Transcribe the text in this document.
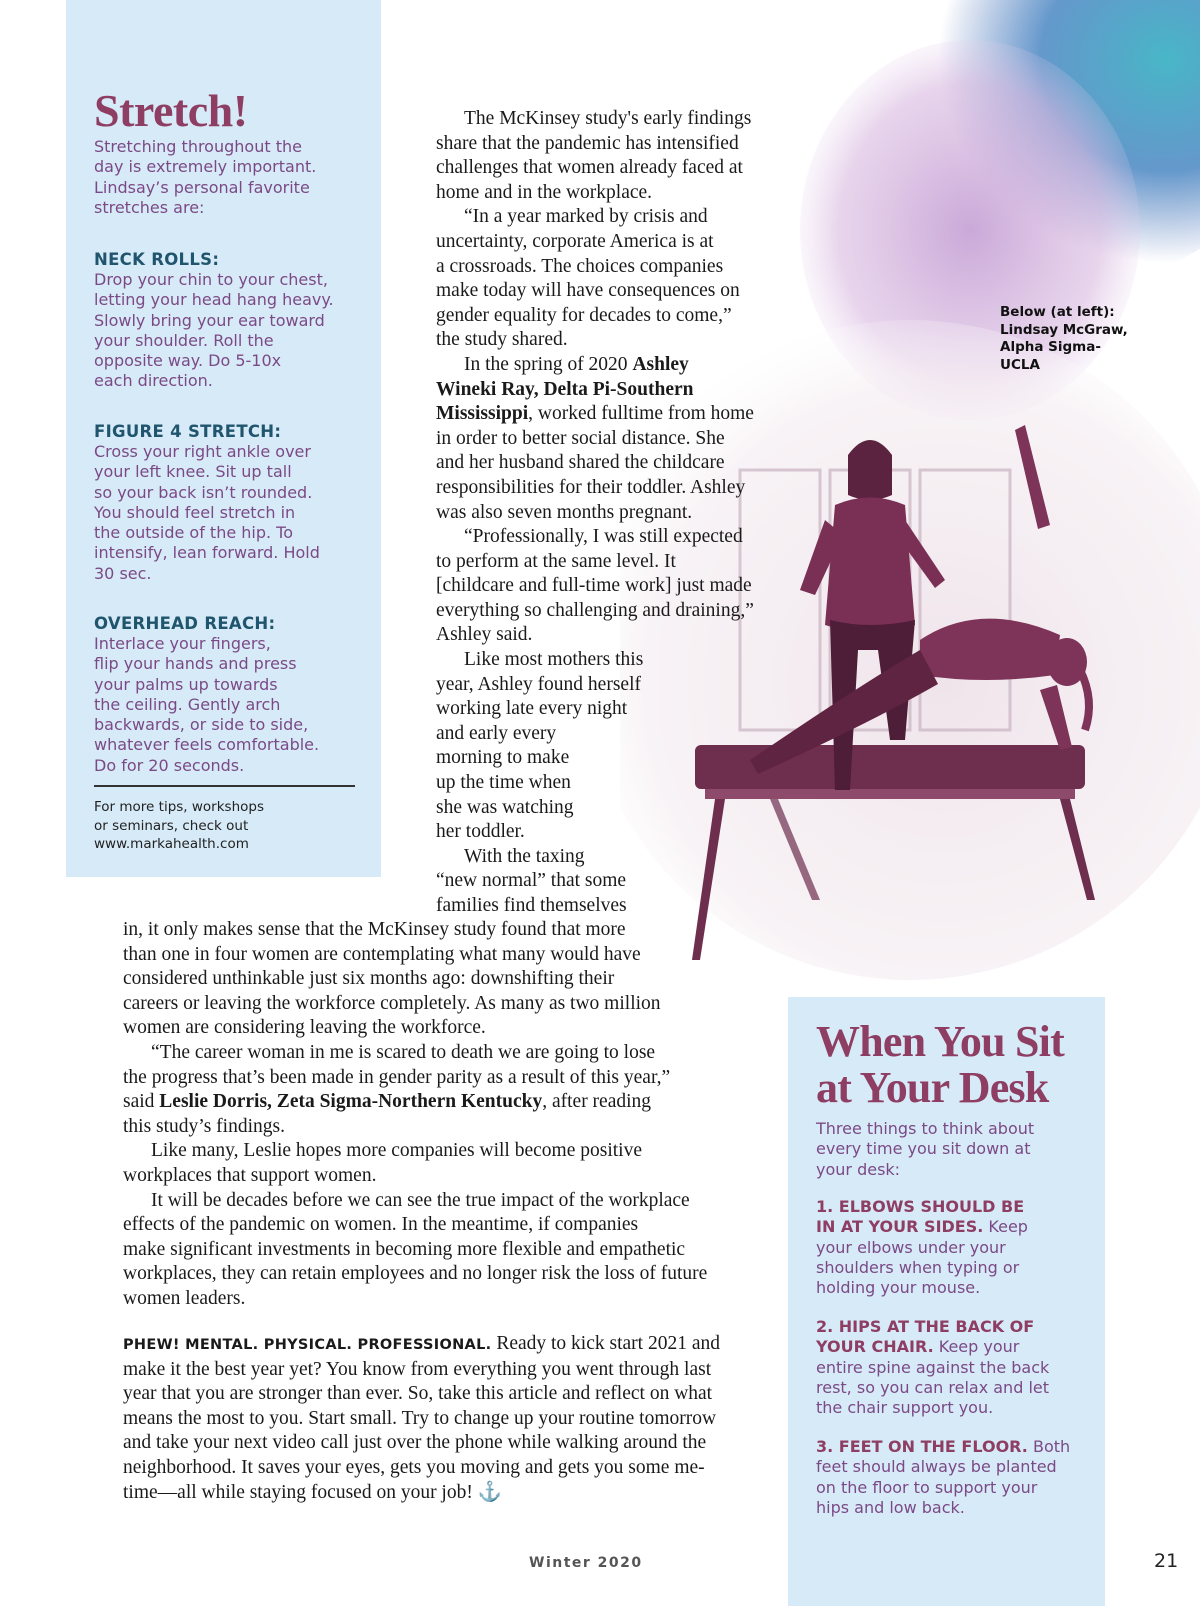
Stretch!
Stretching throughout the
day is extremely important.
Lindsay’s personal favorite
stretches are:
NECK ROLLS:
Drop your chin to your chest,
letting your head hang heavy.
Slowly bring your ear toward
your shoulder. Roll the
opposite way. Do 5-10x
each direction.
FIGURE 4 STRETCH:
Cross your right ankle over
your left knee. Sit up tall
so your back isn’t rounded.
You should feel stretch in
the outside of the hip. To
intensify, lean forward. Hold
30 sec.
OVERHEAD REACH:
Interlace your fingers,
flip your hands and press
your palms up towards
the ceiling. Gently arch
backwards, or side to side,
whatever feels comfortable.
Do for 20 seconds.
For more tips, workshops
or seminars, check out
www.markahealth.com
Below (at left):
Lindsay McGraw,
Alpha Sigma-
UCLA
The McKinsey study's early findings
share that the pandemic has intensified
challenges that women already faced at
home and in the workplace.
“In a year marked by crisis and
uncertainty, corporate America is at
a crossroads. The choices companies
make today will have consequences on
gender equality for decades to come,”
the study shared.
In the spring of 2020 Ashley
Wineki Ray, Delta Pi-Southern
Mississippi, worked fulltime from home
in order to better social distance. She
and her husband shared the childcare
responsibilities for their toddler. Ashley
was also seven months pregnant.
“Professionally, I was still expected
to perform at the same level. It
[childcare and full-time work] just made
everything so challenging and draining,”
Ashley said.
Like most mothers this
year, Ashley found herself
working late every night
and early every
morning to make
up the time when
she was watching
her toddler.
With the taxing
“new normal” that some
families find themselves
in, it only makes sense that the McKinsey study found that more
than one in four women are contemplating what many would have
considered unthinkable just six months ago: downshifting their
careers or leaving the workforce completely. As many as two million
women are considering leaving the workforce.
“The career woman in me is scared to death we are going to lose
the progress that’s been made in gender parity as a result of this year,”
said Leslie Dorris, Zeta Sigma-Northern Kentucky, after reading
this study’s findings.
Like many, Leslie hopes more companies will become positive
workplaces that support women.
It will be decades before we can see the true impact of the workplace
effects of the pandemic on women. In the meantime, if companies
make significant investments in becoming more flexible and empathetic
workplaces, they can retain employees and no longer risk the loss of future
women leaders.
PHEW! MENTAL. PHYSICAL. PROFESSIONAL. Ready to kick start 2021 and
make it the best year yet? You know from everything you went through last
year that you are stronger than ever. So, take this article and reflect on what
means the most to you. Start small. Try to change up your routine tomorrow
and take your next video call just over the phone while walking around the
neighborhood. It saves your eyes, gets you moving and gets you some me-
time—all while staying focused on your job! ⚓
When You Sit
at Your Desk
Three things to think about
every time you sit down at
your desk:
1. ELBOWS SHOULD BE
IN AT YOUR SIDES. Keep
your elbows under your
shoulders when typing or
holding your mouse.
2. HIPS AT THE BACK OF
YOUR CHAIR. Keep your
entire spine against the back
rest, so you can relax and let
the chair support you.
3. FEET ON THE FLOOR. Both
feet should always be planted
on the floor to support your
hips and low back.
Winter 2020	21
